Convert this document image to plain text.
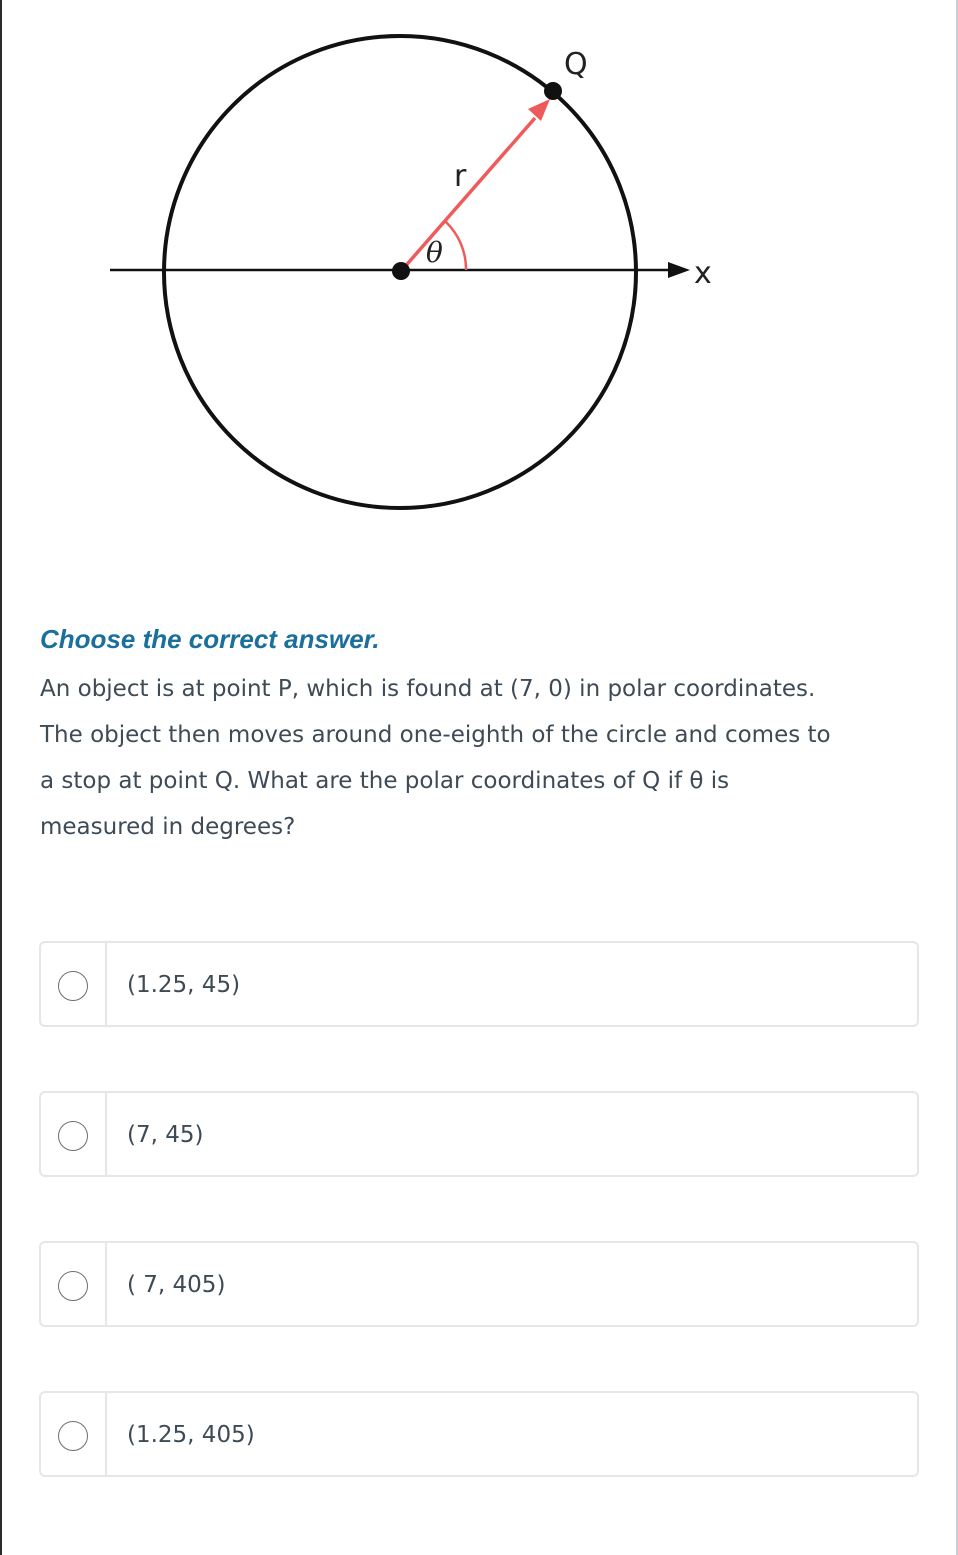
Q
r
θ
x

Choose the correct answer.

An object is at point P, which is found at (7, 0) in polar coordinates.
The object then moves around one-eighth of the circle and comes to
a stop at point Q. What are the polar coordinates of Q if θ is
measured in degrees?
(1.25, 45)
(7, 45)
( 7, 405)
(1.25, 405)
